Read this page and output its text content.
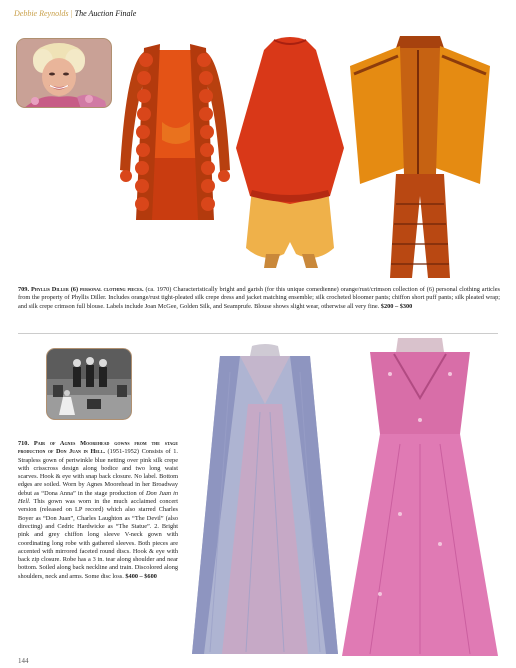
Debbie Reynolds | The Auction Finale
709. Phyllis Diller (6) personal clothing pieces. (ca. 1970) Characteristically bright and garish (for this unique comedienne) orange/rust/crimson collection of (6) personal clothing articles from the property of Phyllis Diller. Includes orange/rust tight-pleated silk crepe dress and jacket matching ensemble; silk crocheted bloomer pants; chiffon short puff pants; silk pleated wrap; and silk crepe crimson full blouse. Labels include Joan McGee, Golden Silk, and Seamprufe. Blouse shows slight wear, otherwise all very fine. $200 – $300
710. Pair of Agnes Moorehead gowns from the stage production of Don Juan in Hell. (1951-1952) Consists of 1. Strapless gown of periwinkle blue netting over pink silk crepe with crisscross design along bodice and two long waist scarves. Hook & eye with snap back closure. No label. Bottom edges are soiled. Worn by Agnes Moorehead in her Broadway debut as “Dona Anna” in the stage production of Don Juan in Hell. This gown was worn in the much acclaimed concert version (released on LP record) which also starred Charles Boyer as “Don Juan”, Charles Laughton as “The Devil” (also directing) and Cedric Hardwicke as “The Statue”. 2. Bright pink and grey chiffon long sleeve V-neck gown with coordinating long robe with gathered sleeves. Both pieces are accented with mirrored faceted round discs. Hook & eye with back zip closure. Robe has a 3 in. tear along shoulder and near bottom. Soiled along back neckline and train. Discolored along shoulders, neck and arms. Some disc loss. $400 – $600
144
